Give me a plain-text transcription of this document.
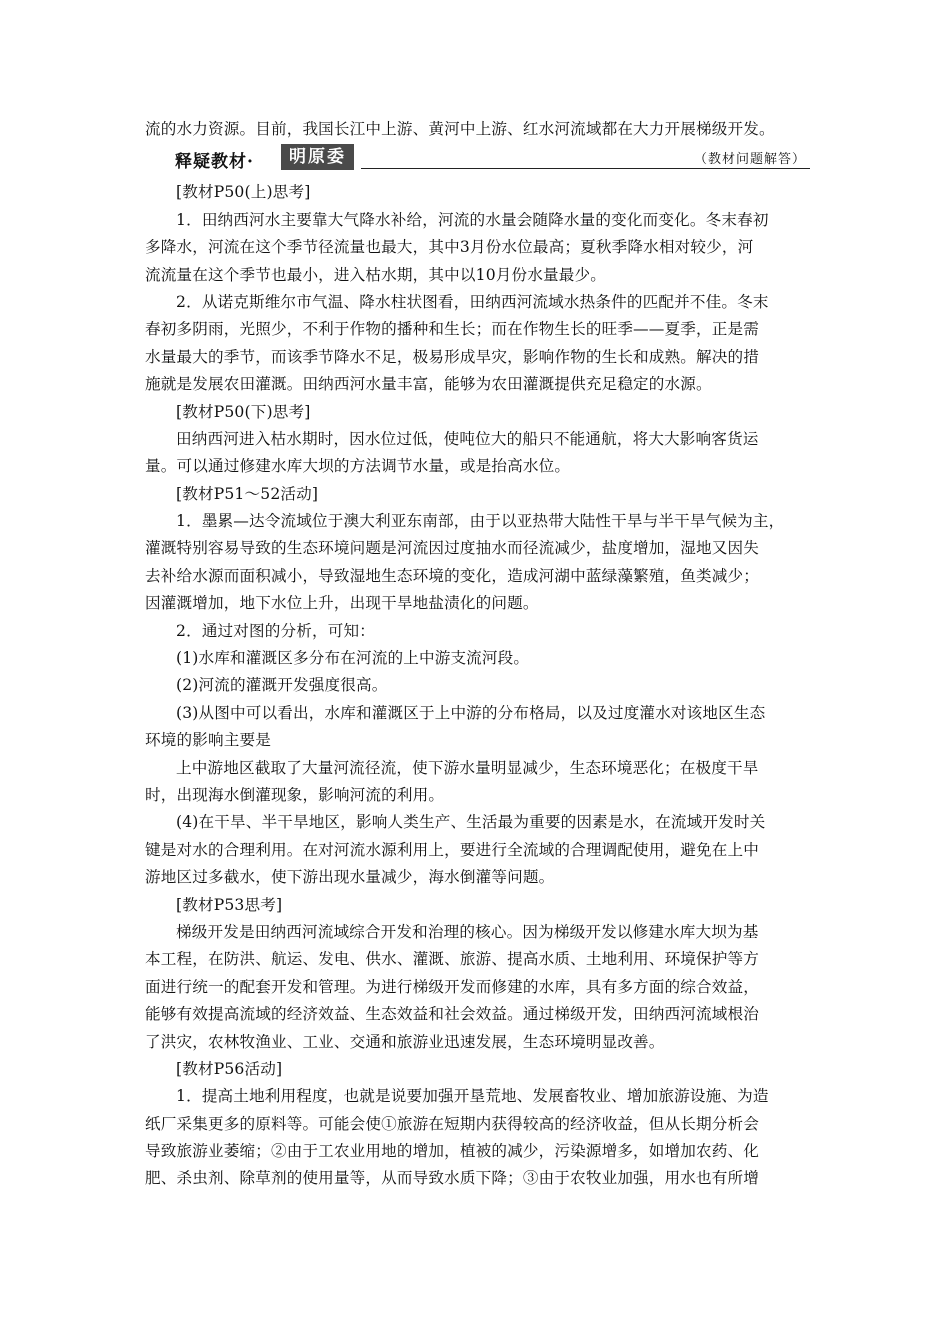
流的水力资源。目前，我国长江中上游、黄河中上游、红水河流域都在大力开展梯级开发。
释疑教材·	明原委	（教材问题解答）
[教材P50(上)思考]
1．田纳西河水主要靠大气降水补给，河流的水量会随降水量的变化而变化。冬末春初
多降水，河流在这个季节径流量也最大，其中3月份水位最高；夏秋季降水相对较少，河
流流量在这个季节也最小，进入枯水期，其中以10月份水量最少。
2．从诺克斯维尔市气温、降水柱状图看，田纳西河流域水热条件的匹配并不佳。冬末
春初多阴雨，光照少，不利于作物的播种和生长；而在作物生长的旺季——夏季，正是需
水量最大的季节，而该季节降水不足，极易形成旱灾，影响作物的生长和成熟。解决的措
施就是发展农田灌溉。田纳西河水量丰富，能够为农田灌溉提供充足稳定的水源。
[教材P50(下)思考]
田纳西河进入枯水期时，因水位过低，使吨位大的船只不能通航，将大大影响客货运
量。可以通过修建水库大坝的方法调节水量，或是抬高水位。
[教材P51～52活动]
1．墨累—达令流域位于澳大利亚东南部，由于以亚热带大陆性干旱与半干旱气候为主，
灌溉特别容易导致的生态环境问题是河流因过度抽水而径流减少，盐度增加，湿地又因失
去补给水源而面积减小，导致湿地生态环境的变化，造成河湖中蓝绿藻繁殖，鱼类减少；
因灌溉增加，地下水位上升，出现干旱地盐渍化的问题。
2．通过对图的分析，可知：
(1)水库和灌溉区多分布在河流的上中游支流河段。
(2)河流的灌溉开发强度很高。
(3)从图中可以看出，水库和灌溉区于上中游的分布格局，以及过度灌水对该地区生态
环境的影响主要是
上中游地区截取了大量河流径流，使下游水量明显减少，生态环境恶化；在极度干旱
时，出现海水倒灌现象，影响河流的利用。
(4)在干旱、半干旱地区，影响人类生产、生活最为重要的因素是水，在流域开发时关
键是对水的合理利用。在对河流水源利用上，要进行全流域的合理调配使用，避免在上中
游地区过多截水，使下游出现水量减少，海水倒灌等问题。
[教材P53思考]
梯级开发是田纳西河流域综合开发和治理的核心。因为梯级开发以修建水库大坝为基
本工程，在防洪、航运、发电、供水、灌溉、旅游、提高水质、土地利用、环境保护等方
面进行统一的配套开发和管理。为进行梯级开发而修建的水库，具有多方面的综合效益，
能够有效提高流域的经济效益、生态效益和社会效益。通过梯级开发，田纳西河流域根治
了洪灾，农林牧渔业、工业、交通和旅游业迅速发展，生态环境明显改善。
[教材P56活动]
1．提高土地利用程度，也就是说要加强开垦荒地、发展畜牧业、增加旅游设施、为造
纸厂采集更多的原料等。可能会使①旅游在短期内获得较高的经济收益，但从长期分析会
导致旅游业萎缩；②由于工农业用地的增加，植被的减少，污染源增多，如增加农药、化
肥、杀虫剂、除草剂的使用量等，从而导致水质下降；③由于农牧业加强，用水也有所增
